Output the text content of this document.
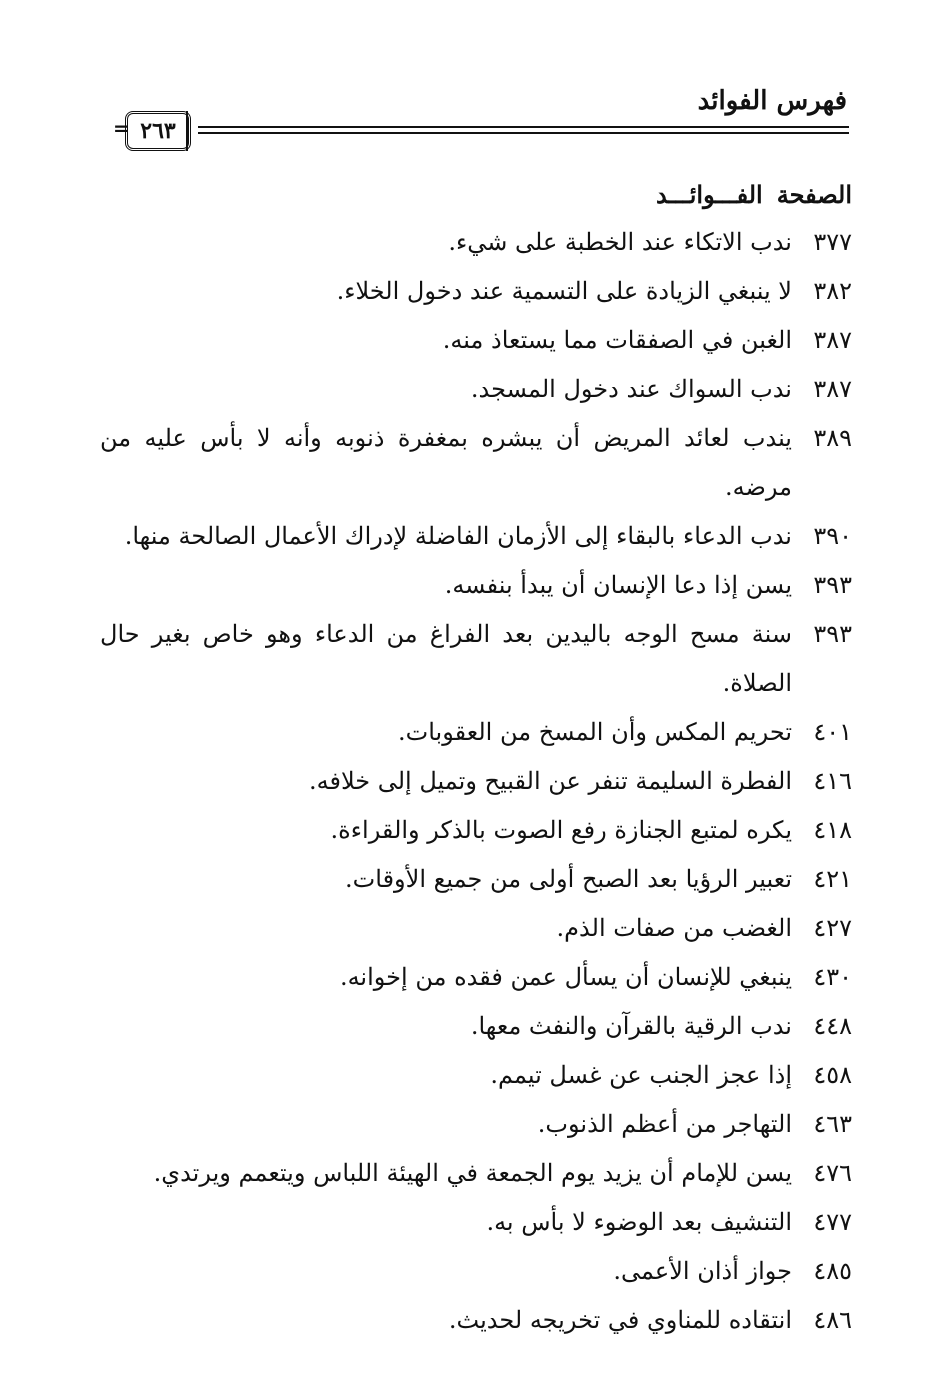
فهرس الفوائد
= ٢٦٣
الصفحةالفـــوائـــد
٣٧٧
ندب الاتكاء عند الخطبة على شيء.
٣٨٢
لا ينبغي الزيادة على التسمية عند دخول الخلاء.
٣٨٧
الغبن في الصفقات مما يستعاذ منه.
٣٨٧
ندب السواك عند دخول المسجد.
٣٨٩
يندب لعائد المريض أن يبشره بمغفرة ذنوبه وأنه لا بأس عليه من مرضه.
٣٩٠
ندب الدعاء بالبقاء إلى الأزمان الفاضلة لإدراك الأعمال الصالحة منها.
٣٩٣
يسن إذا دعا الإنسان أن يبدأ بنفسه.
٣٩٣
سنة مسح الوجه باليدين بعد الفراغ من الدعاء وهو خاص بغير حال الصلاة.
٤٠١
تحريم المكس وأن المسخ من العقوبات.
٤١٦
الفطرة السليمة تنفر عن القبيح وتميل إلى خلافه.
٤١٨
يكره لمتبع الجنازة رفع الصوت بالذكر والقراءة.
٤٢١
تعبير الرؤيا بعد الصبح أولى من جميع الأوقات.
٤٢٧
الغضب من صفات الذم.
٤٣٠
ينبغي للإنسان أن يسأل عمن فقده من إخوانه.
٤٤٨
ندب الرقية بالقرآن والنفث معها.
٤٥٨
إذا عجز الجنب عن غسل تيمم.
٤٦٣
التهاجر من أعظم الذنوب.
٤٧٦
يسن للإمام أن يزيد يوم الجمعة في الهيئة اللباس ويتعمم ويرتدي.
٤٧٧
التنشيف بعد الوضوء لا بأس به.
٤٨٥
جواز أذان الأعمى.
٤٨٦
انتقاده للمناوي في تخريجه لحديث.
